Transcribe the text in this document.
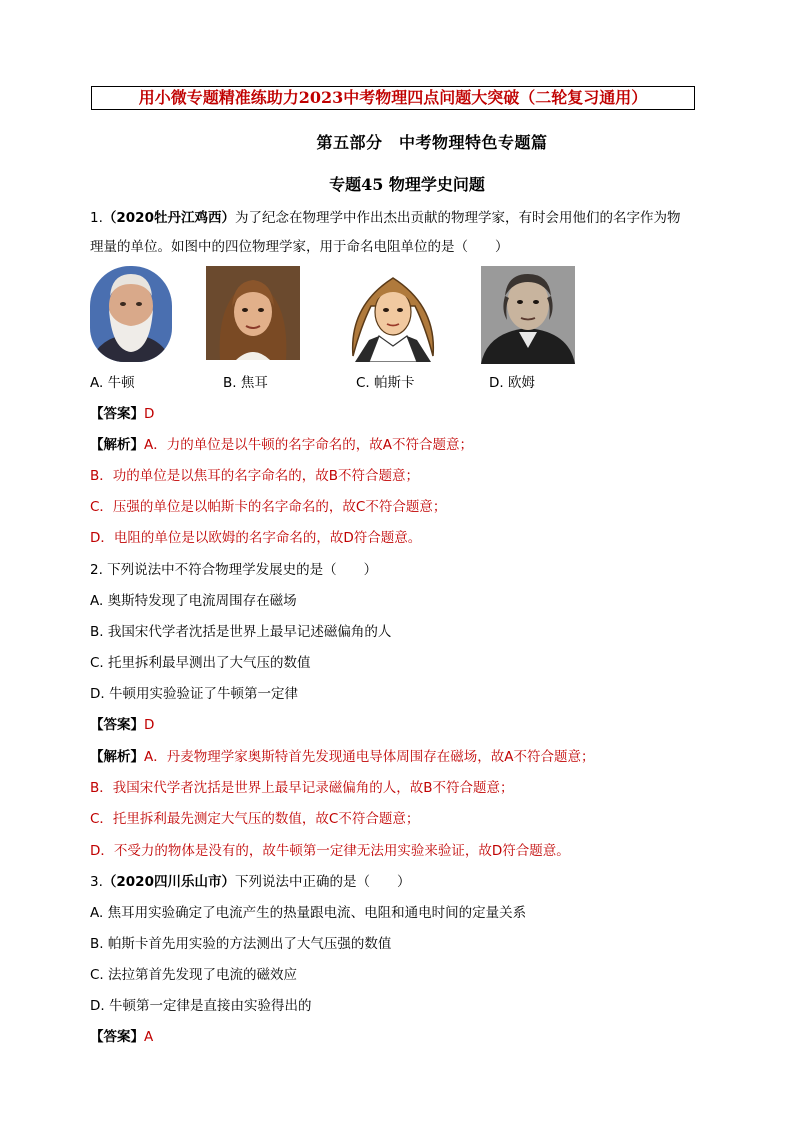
用小微专题精准练助力2023中考物理四点问题大突破（二轮复习通用）
第五部分　中考物理特色专题篇
专题45 物理学史问题
1.（2020牡丹江鸡西）为了纪念在物理学中作出杰出贡献的物理学家，有时会用他们的名字作为物
理量的单位。如图中的四位物理学家，用于命名电阻单位的是（　　）
A. 牛顿	B. 焦耳	C. 帕斯卡	D. 欧姆
【答案】D
【解析】A．力的单位是以牛顿的名字命名的，故A不符合题意；
B．功的单位是以焦耳的名字命名的，故B不符合题意；
C．压强的单位是以帕斯卡的名字命名的，故C不符合题意；
D．电阻的单位是以欧姆的名字命名的，故D符合题意。
2. 下列说法中不符合物理学发展史的是（　　）
A. 奥斯特发现了电流周围存在磁场
B. 我国宋代学者沈括是世界上最早记述磁偏角的人
C. 托里拆利最早测出了大气压的数值
D. 牛顿用实验验证了牛顿第一定律
【答案】D
【解析】A．丹麦物理学家奥斯特首先发现通电导体周围存在磁场，故A不符合题意；
B．我国宋代学者沈括是世界上最早记录磁偏角的人，故B不符合题意；
C．托里拆利最先测定大气压的数值，故C不符合题意；
D．不受力的物体是没有的，故牛顿第一定律无法用实验来验证，故D符合题意。
3.（2020四川乐山市）下列说法中正确的是（　　）
A. 焦耳用实验确定了电流产生的热量跟电流、电阻和通电时间的定量关系
B. 帕斯卡首先用实验的方法测出了大气压强的数值
C. 法拉第首先发现了电流的磁效应
D. 牛顿第一定律是直接由实验得出的
【答案】A
